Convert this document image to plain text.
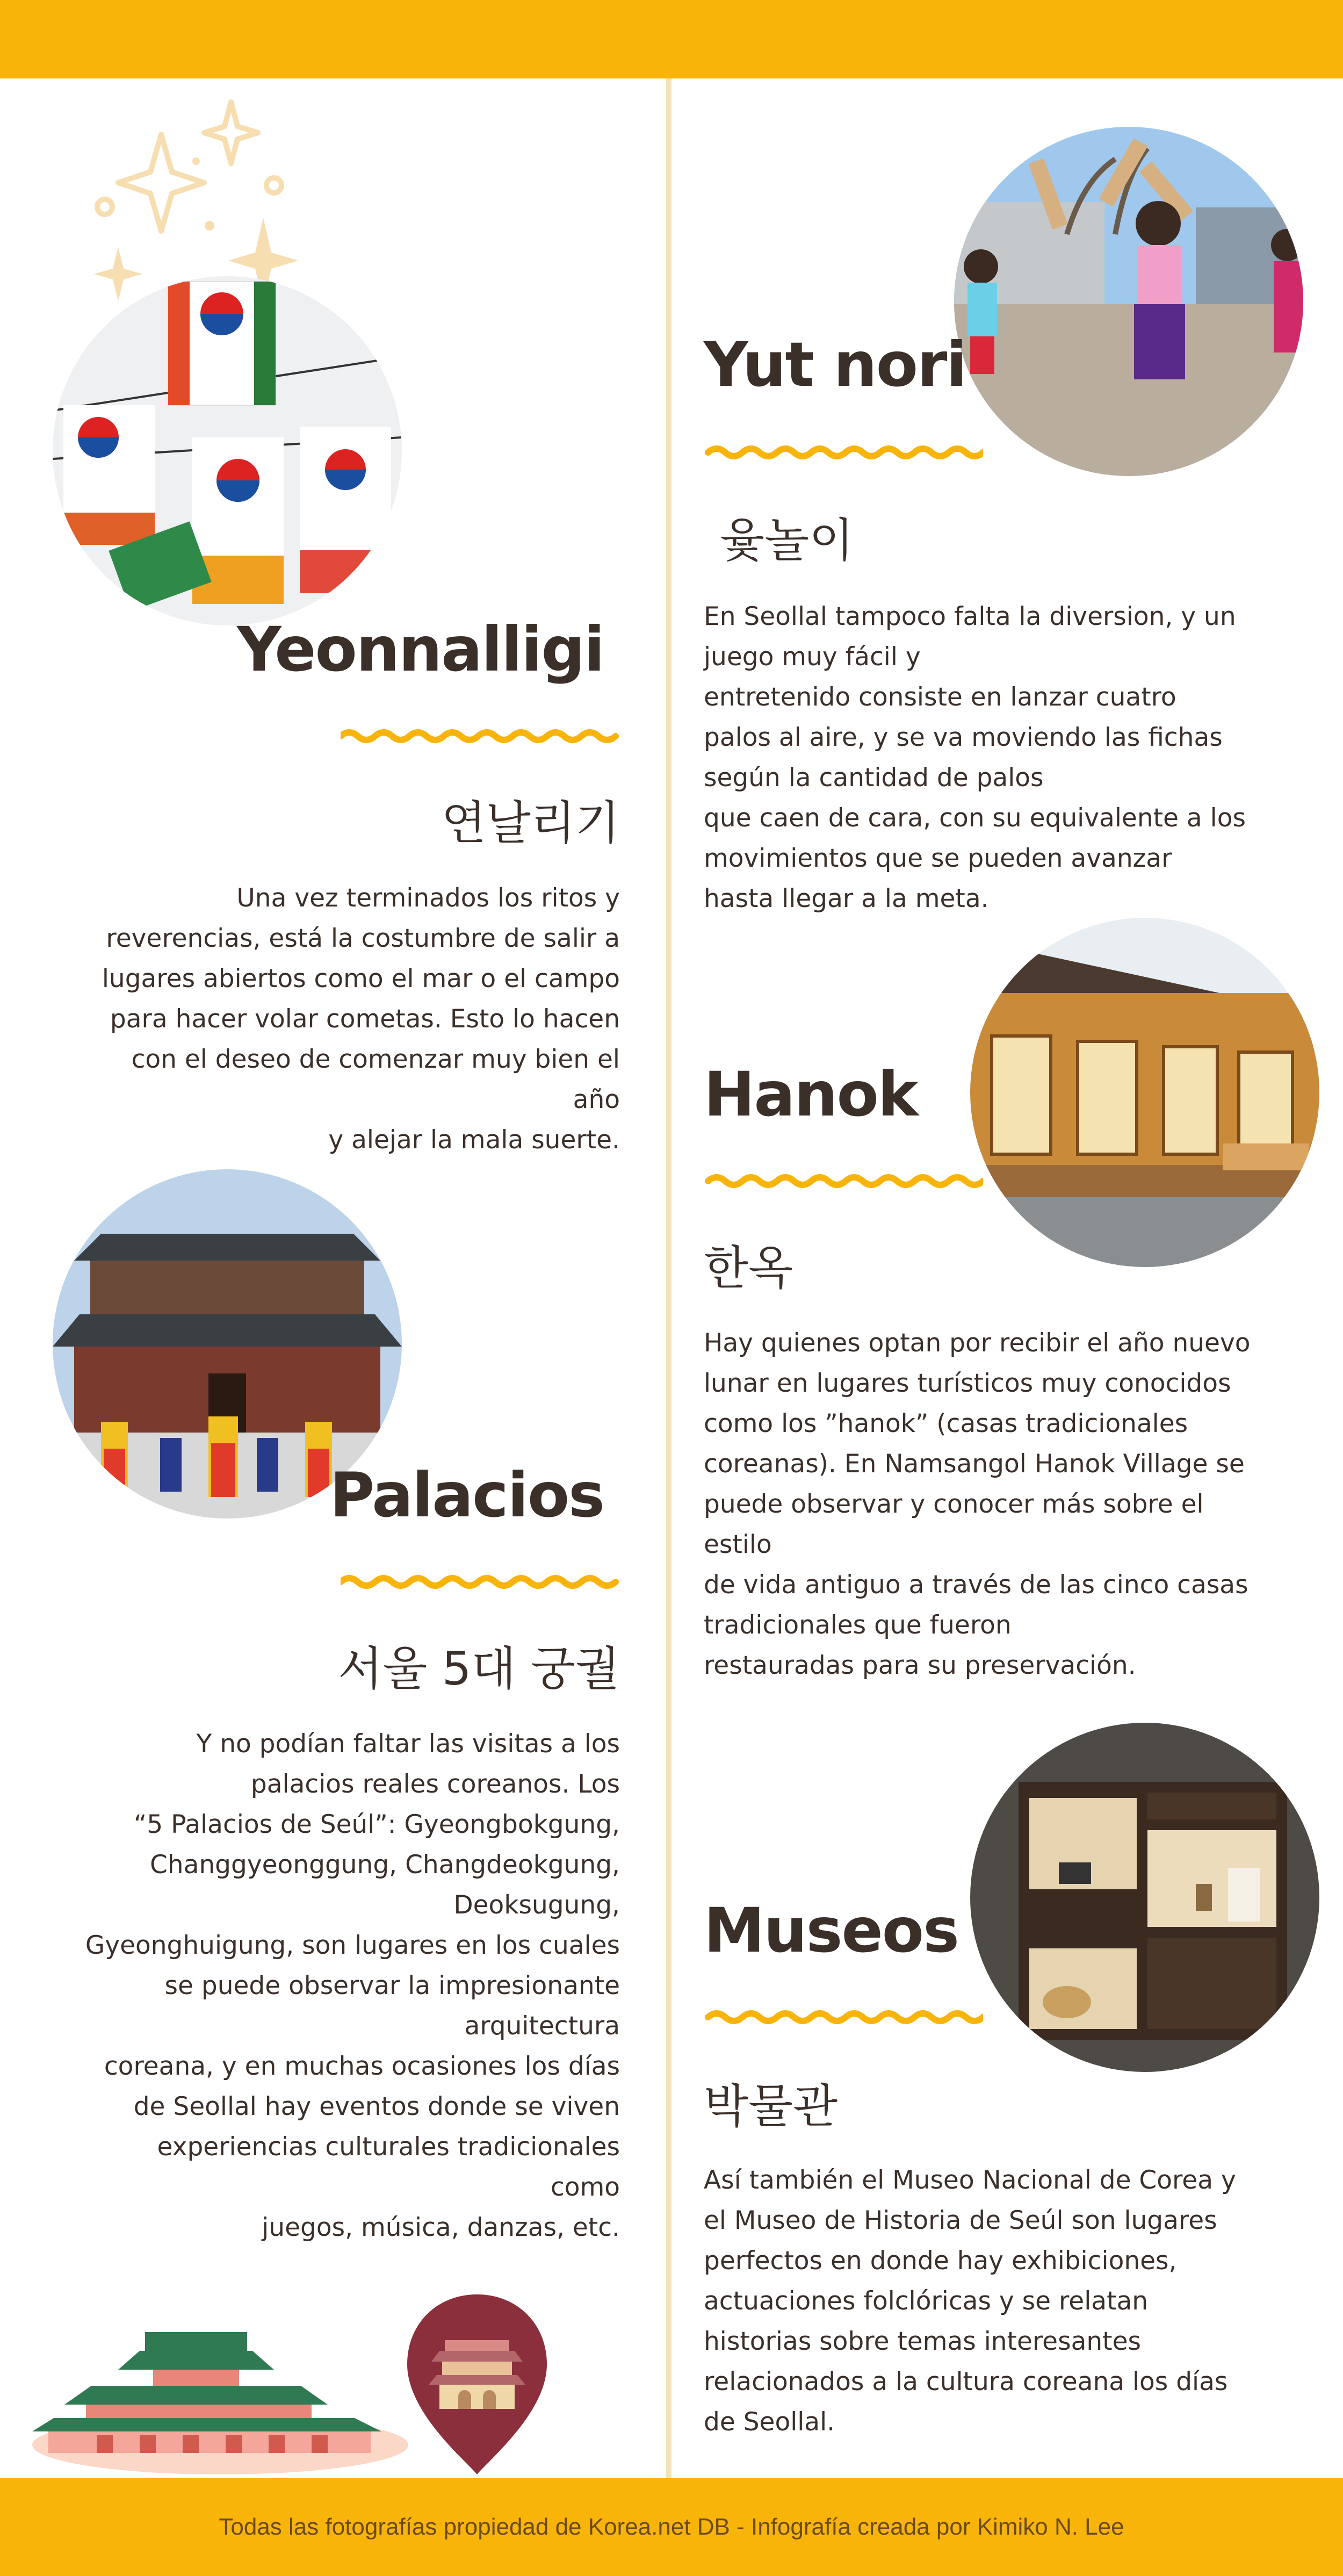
Yeonnalligi
연날리기
Una vez terminados los ritos y
reverencias, está la costumbre de salir a
lugares abiertos como el mar o el campo
para hacer volar cometas. Esto lo hacen
con el deseo de comenzar muy bien el año
y alejar la mala suerte.
Palacios
서울 5대 궁궐
Y no podían faltar las visitas a los
palacios reales coreanos. Los
“5 Palacios de Seúl”: Gyeongbokgung,
Changgyeonggung, Changdeokgung,
Deoksugung,
Gyeonghuigung, son lugares en los cuales
se puede observar la impresionante
arquitectura
coreana, y en muchas ocasiones los días
de Seollal hay eventos donde se viven
experiencias culturales tradicionales como
juegos, música, danzas, etc.
Yut nori
윷놀이
En Seollal tampoco falta la diversion, y un
juego muy fácil y
entretenido consiste en lanzar cuatro
palos al aire, y se va moviendo las fichas
según la cantidad de palos
que caen de cara, con su equivalente a los
movimientos que se pueden avanzar
hasta llegar a la meta.
Hanok
한옥
Hay quienes optan por recibir el año nuevo
lunar en lugares turísticos muy conocidos
como los ”hanok” (casas tradicionales
coreanas). En Namsangol Hanok Village se
puede observar y conocer más sobre el
estilo
de vida antiguo a través de las cinco casas
tradicionales que fueron
restauradas para su preservación.
Museos
박물관
Así también el Museo Nacional de Corea y
el Museo de Historia de Seúl son lugares
perfectos en donde hay exhibiciones,
actuaciones folclóricas y se relatan
historias sobre temas interesantes
relacionados a la cultura coreana los días
de Seollal.
Todas las fotografías propiedad de Korea.net DB - Infografía creada por Kimiko N. Lee
